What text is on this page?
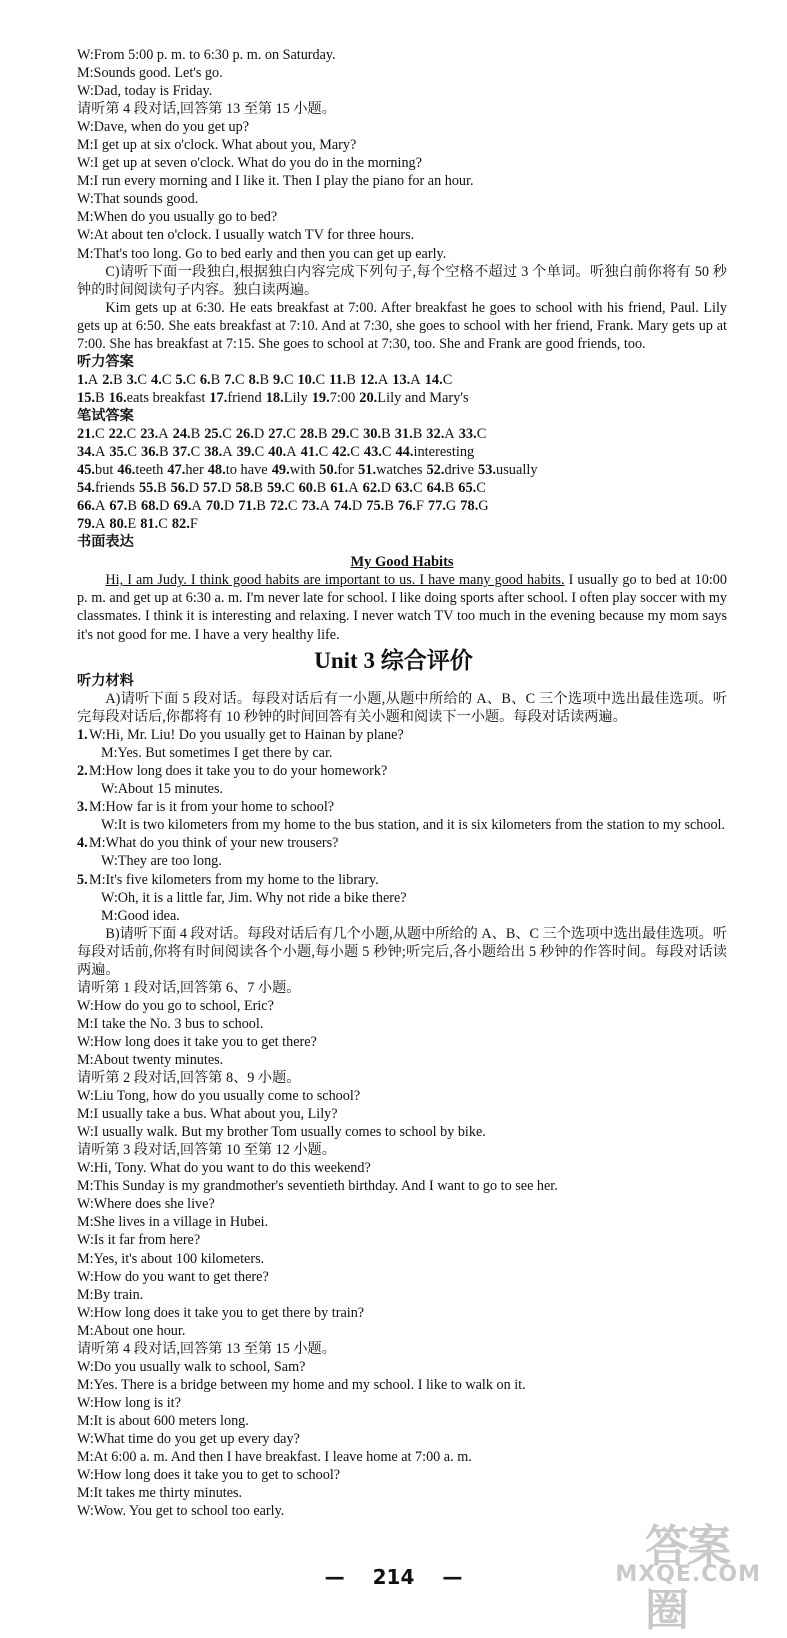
W:From 5:00 p. m. to 6:30 p. m. on Saturday.
M:Sounds good. Let's go.
W:Dad, today is Friday.
请听第 4 段对话,回答第 13 至第 15 小题。
W:Dave, when do you get up?
M:I get up at six o'clock. What about you, Mary?
W:I get up at seven o'clock. What do you do in the morning?
M:I run every morning and I like it. Then I play the piano for an hour.
W:That sounds good.
M:When do you usually go to bed?
W:At about ten o'clock. I usually watch TV for three hours.
M:That's too long. Go to bed early and then you can get up early.
C)请听下面一段独白,根据独白内容完成下列句子,每个空格不超过 3 个单词。听独白前你将有 50 秒钟的时间阅读句子内容。独白读两遍。
Kim gets up at 6:30. He eats breakfast at 7:00. After breakfast he goes to school with his friend, Paul. Lily gets up at 6:50. She eats breakfast at 7:10. And at 7:30, she goes to school with her friend, Frank. Mary gets up at 7:00. She has breakfast at 7:15. She goes to school at 7:30, too. She and Frank are good friends, too.
听力答案
1.A 2.B 3.C 4.C 5.C 6.B 7.C 8.B 9.C 10.C 11.B 12.A 13.A 14.C
15.B 16.eats breakfast 17.friend 18.Lily 19.7:00 20.Lily and Mary's
笔试答案
21.C 22.C 23.A 24.B 25.C 26.D 27.C 28.B 29.C 30.B 31.B 32.A 33.C
34.A 35.C 36.B 37.C 38.A 39.C 40.A 41.C 42.C 43.C 44.interesting
45.but 46.teeth 47.her 48.to have 49.with 50.for 51.watches 52.drive 53.usually
54.friends 55.B 56.D 57.D 58.B 59.C 60.B 61.A 62.D 63.C 64.B 65.C
66.A 67.B 68.D 69.A 70.D 71.B 72.C 73.A 74.D 75.B 76.F 77.G 78.G
79.A 80.E 81.C 82.F
书面表达
My Good Habits
Hi, I am Judy. I think good habits are important to us. I have many good habits. I usually go to bed at 10:00 p. m. and get up at 6:30 a. m. I'm never late for school. I like doing sports after school. I often play soccer with my classmates. I think it is interesting and relaxing. I never watch TV too much in the evening because my mom says it's not good for me. I have a very healthy life.
Unit 3 综合评价
听力材料
A)请听下面 5 段对话。每段对话后有一小题,从题中所给的 A、B、C 三个选项中选出最佳选项。听完每段对话后,你都将有 10 秒钟的时间回答有关小题和阅读下一小题。每段对话读两遍。
1.W:Hi, Mr. Liu! Do you usually get to Hainan by plane?
M:Yes. But sometimes I get there by car.
2.M:How long does it take you to do your homework?
W:About 15 minutes.
3.M:How far is it from your home to school?
W:It is two kilometers from my home to the bus station, and it is six kilometers from the station to my school.
4.M:What do you think of your new trousers?
W:They are too long.
5.M:It's five kilometers from my home to the library.
W:Oh, it is a little far, Jim. Why not ride a bike there?
M:Good idea.
B)请听下面 4 段对话。每段对话后有几个小题,从题中所给的 A、B、C 三个选项中选出最佳选项。听每段对话前,你将有时间阅读各个小题,每小题 5 秒钟;听完后,各小题给出 5 秒钟的作答时间。每段对话读两遍。
请听第 1 段对话,回答第 6、7 小题。
W:How do you go to school, Eric?
M:I take the No. 3 bus to school.
W:How long does it take you to get there?
M:About twenty minutes.
请听第 2 段对话,回答第 8、9 小题。
W:Liu Tong, how do you usually come to school?
M:I usually take a bus. What about you, Lily?
W:I usually walk. But my brother Tom usually comes to school by bike.
请听第 3 段对话,回答第 10 至第 12 小题。
W:Hi, Tony. What do you want to do this weekend?
M:This Sunday is my grandmother's seventieth birthday. And I want to go to see her.
W:Where does she live?
M:She lives in a village in Hubei.
W:Is it far from here?
M:Yes, it's about 100 kilometers.
W:How do you want to get there?
M:By train.
W:How long does it take you to get there by train?
M:About one hour.
请听第 4 段对话,回答第 13 至第 15 小题。
W:Do you usually walk to school, Sam?
M:Yes. There is a bridge between my home and my school. I like to walk on it.
W:How long is it?
M:It is about 600 meters long.
W:What time do you get up every day?
M:At 6:00 a. m. And then I have breakfast. I leave home at 7:00 a. m.
W:How long does it take you to get to school?
M:It takes me thirty minutes.
W:Wow. You get to school too early.
— 214 —
答案圈
MXQE.COM
